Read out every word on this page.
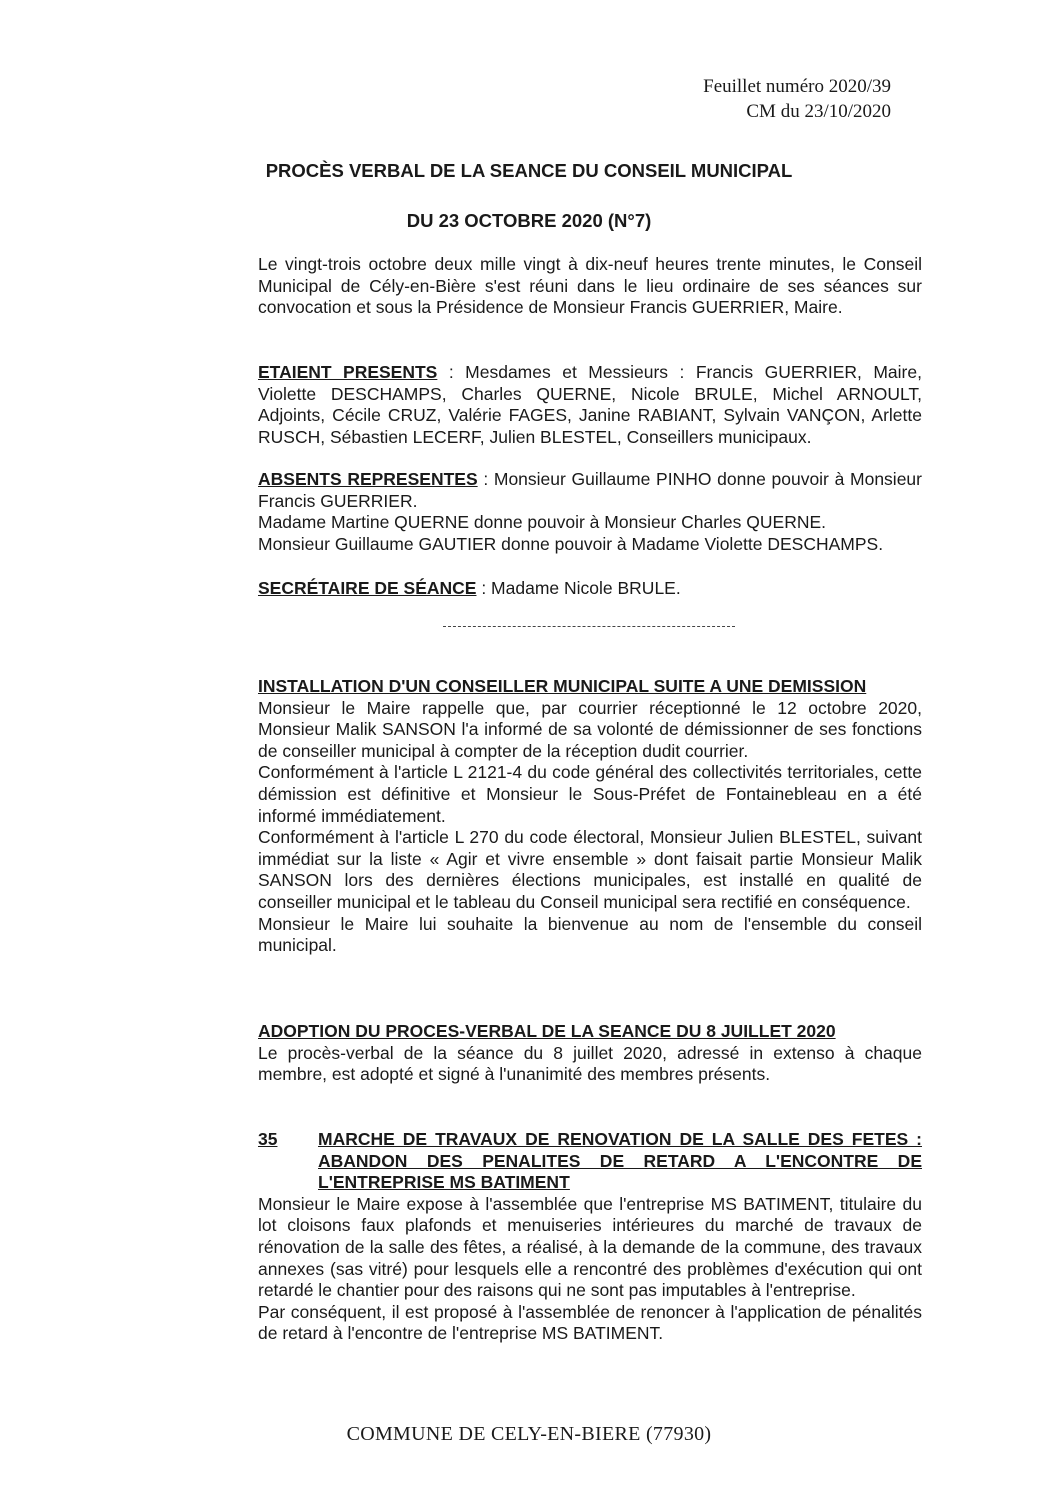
Feuillet numéro 2020/39
CM du 23/10/2020
PROCÈS VERBAL DE LA SEANCE DU CONSEIL MUNICIPAL
DU 23 OCTOBRE 2020 (N°7)

Le vingt-trois octobre deux mille vingt à dix-neuf heures trente minutes, le Conseil Municipal de Cély-en-Bière s'est réuni dans le lieu ordinaire de ses séances sur convocation et sous la Présidence de Monsieur Francis GUERRIER, Maire.

ETAIENT PRESENTS : Mesdames et Messieurs : Francis GUERRIER, Maire, Violette DESCHAMPS, Charles QUERNE, Nicole BRULE, Michel ARNOULT, Adjoints, Cécile CRUZ, Valérie FAGES, Janine RABIANT, Sylvain VANÇON, Arlette RUSCH, Sébastien LECERF, Julien BLESTEL, Conseillers municipaux.

ABSENTS REPRESENTES : Monsieur Guillaume PINHO donne pouvoir à Monsieur Francis GUERRIER.

Madame Martine QUERNE donne pouvoir à Monsieur Charles QUERNE.

Monsieur Guillaume GAUTIER donne pouvoir à Madame Violette DESCHAMPS.

SECRÉTAIRE DE SÉANCE : Madame Nicole BRULE.

INSTALLATION D'UN CONSEILLER MUNICIPAL SUITE A UNE DEMISSION

Monsieur le Maire rappelle que, par courrier réceptionné le 12 octobre 2020, Monsieur Malik SANSON l'a informé de sa volonté de démissionner de ses fonctions de conseiller municipal à compter de la réception dudit courrier.

Conformément à l'article L 2121-4 du code général des collectivités territoriales, cette démission est définitive et Monsieur le Sous-Préfet de Fontainebleau en a été informé immédiatement.

Conformément à l'article L 270 du code électoral, Monsieur Julien BLESTEL, suivant immédiat sur la liste « Agir et vivre ensemble » dont faisait partie Monsieur Malik SANSON lors des dernières élections municipales, est installé en qualité de conseiller municipal et le tableau du Conseil municipal sera rectifié en conséquence.

Monsieur le Maire lui souhaite la bienvenue au nom de l'ensemble du conseil municipal.

ADOPTION DU PROCES-VERBAL DE LA SEANCE DU 8 JUILLET 2020

Le procès-verbal de la séance du 8 juillet 2020, adressé in extenso à chaque membre, est adopté et signé à l'unanimité des membres présents.

35	MARCHE DE TRAVAUX DE RENOVATION DE LA SALLE DES FETES : ABANDON DES PENALITES DE RETARD A L'ENCONTRE DE L'ENTREPRISE MS BATIMENT

Monsieur le Maire expose à l'assemblée que l'entreprise MS BATIMENT, titulaire du lot cloisons faux plafonds et menuiseries intérieures du marché de travaux de rénovation de la salle des fêtes, a réalisé, à la demande de la commune, des travaux annexes (sas vitré) pour lesquels elle a rencontré des problèmes d'exécution qui ont retardé le chantier pour des raisons qui ne sont pas imputables à l'entreprise.

Par conséquent, il est proposé à l'assemblée de renoncer à l'application de pénalités de retard à l'encontre de l'entreprise MS BATIMENT.

COMMUNE DE CELY-EN-BIERE (77930)
